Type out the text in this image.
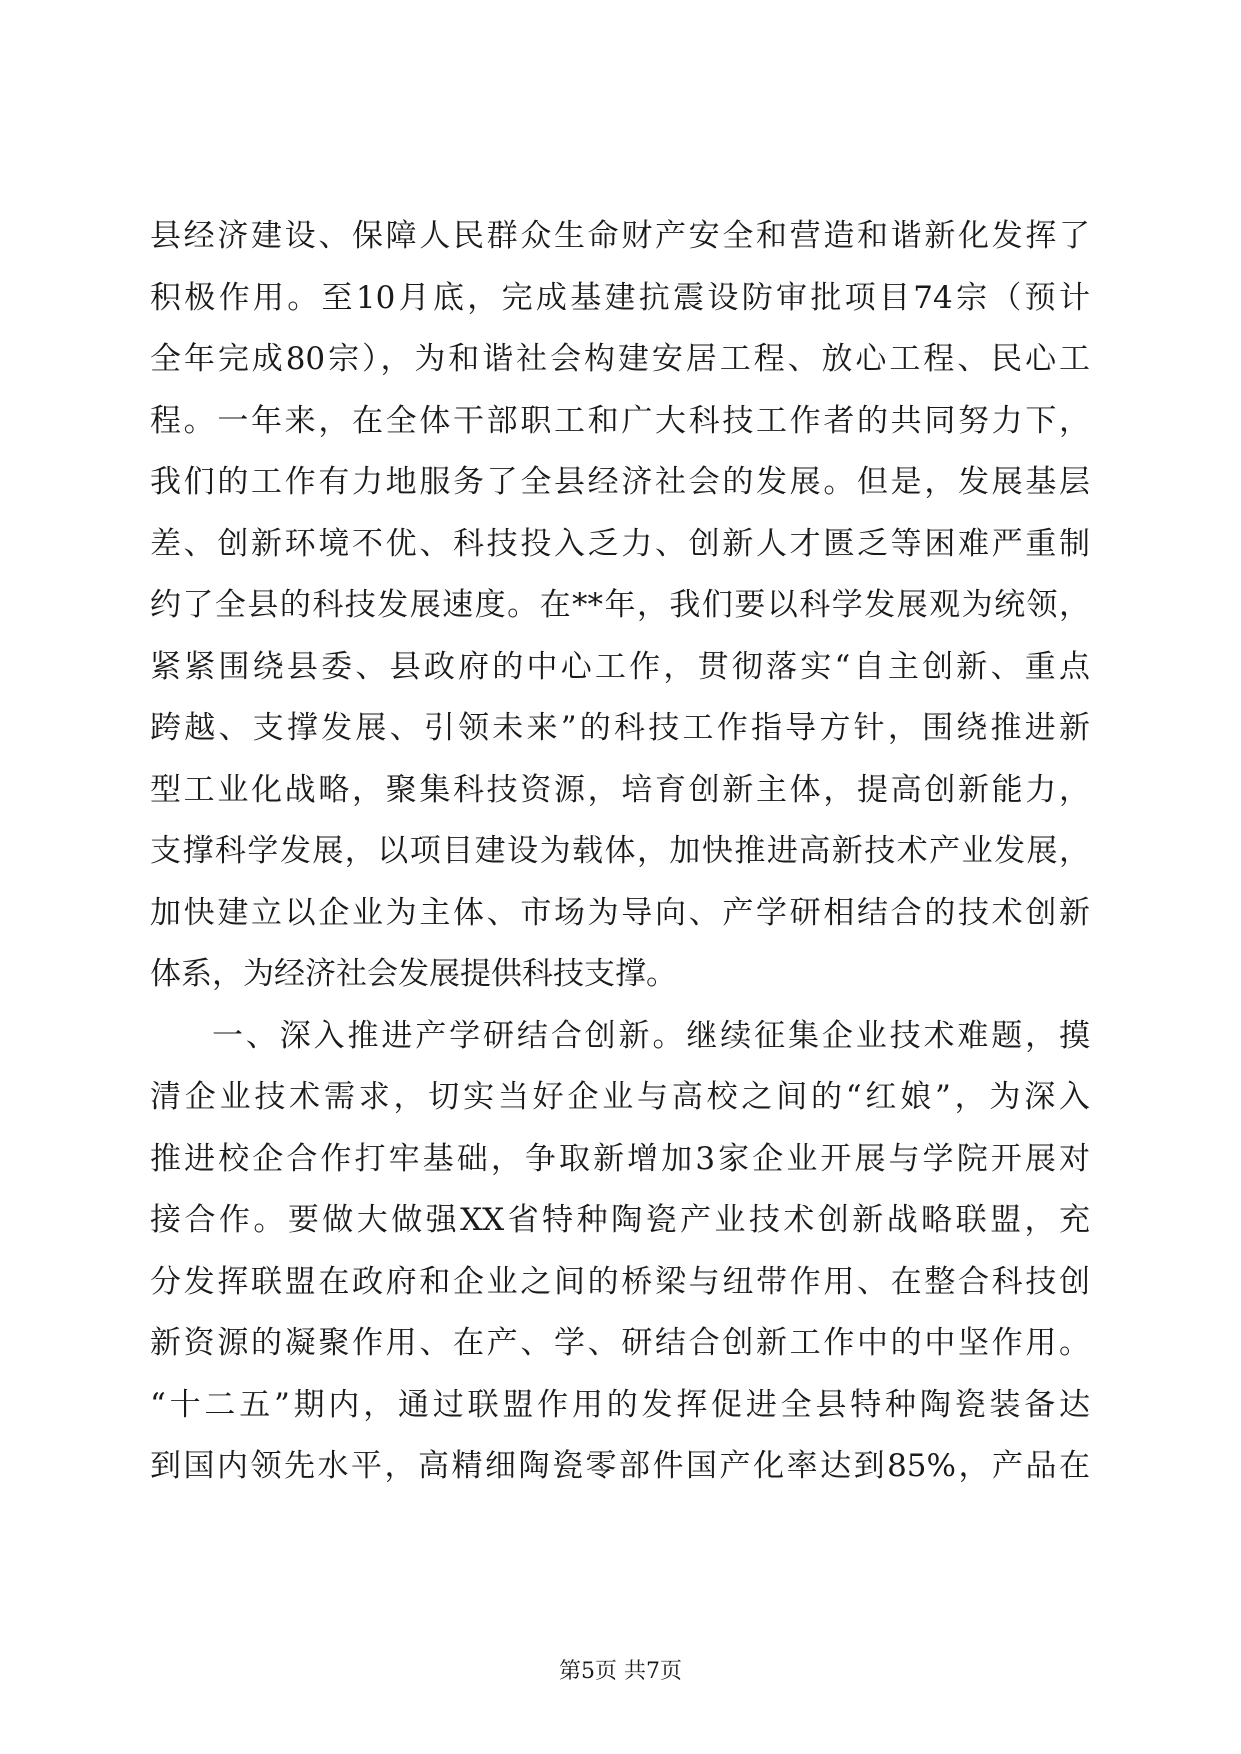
县经济建设、保障人民群众生命财产安全和营造和谐新化发挥了
积极作用。至10月底，完成基建抗震设防审批项目74宗（预计
全年完成80宗），为和谐社会构建安居工程、放心工程、民心工
程。一年来，在全体干部职工和广大科技工作者的共同努力下，
我们的工作有力地服务了全县经济社会的发展。但是，发展基层
差、创新环境不优、科技投入乏力、创新人才匮乏等困难严重制
约了全县的科技发展速度。在**年，我们要以科学发展观为统领，
紧紧围绕县委、县政府的中心工作，贯彻落实“自主创新、重点
跨越、支撑发展、引领未来”的科技工作指导方针，围绕推进新
型工业化战略，聚集科技资源，培育创新主体，提高创新能力，
支撑科学发展，以项目建设为载体，加快推进高新技术产业发展，
加快建立以企业为主体、市场为导向、产学研相结合的技术创新
体系，为经济社会发展提供科技支撑。
一、深入推进产学研结合创新。继续征集企业技术难题，摸
清企业技术需求，切实当好企业与高校之间的“红娘”，为深入
推进校企合作打牢基础，争取新增加3家企业开展与学院开展对
接合作。要做大做强XX省特种陶瓷产业技术创新战略联盟，充
分发挥联盟在政府和企业之间的桥梁与纽带作用、在整合科技创
新资源的凝聚作用、在产、学、研结合创新工作中的中坚作用。
“十二五”期内，通过联盟作用的发挥促进全县特种陶瓷装备达
到国内领先水平，高精细陶瓷零部件国产化率达到85%，产品在
第5页 共7页
